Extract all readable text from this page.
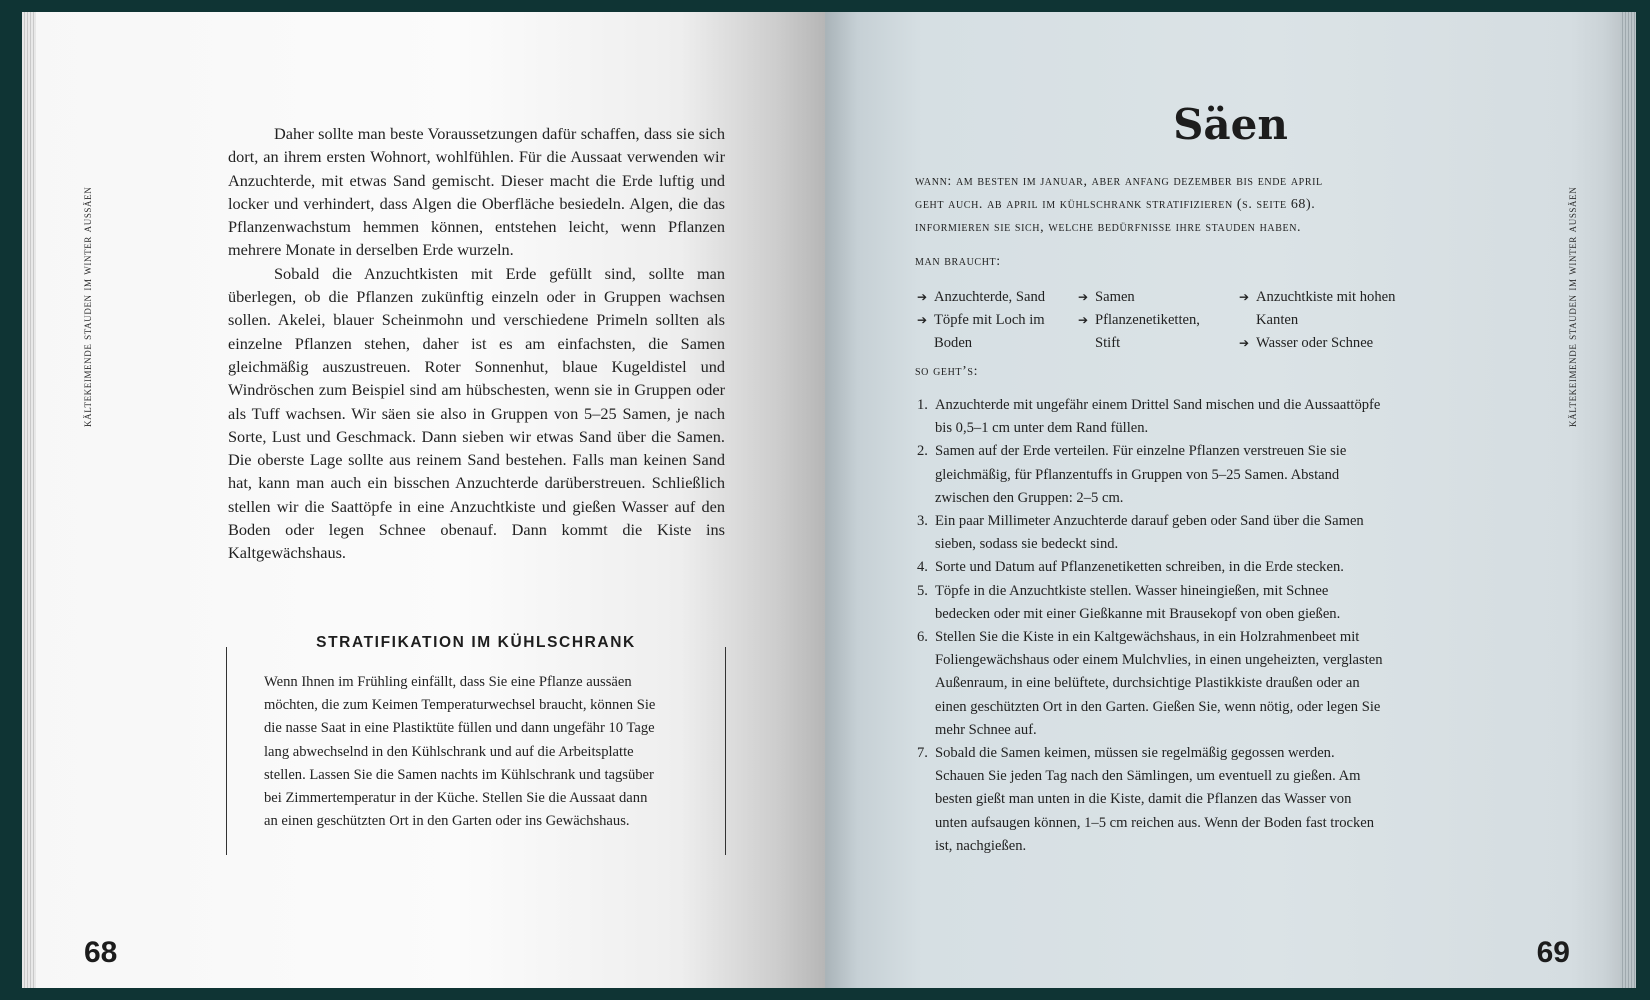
kältekeimende stauden im winter aussäen

Daher sollte man beste Voraussetzungen dafür schaffen, dass sie sich dort, an ihrem ersten Wohnort, wohlfühlen. Für die Aussaat verwenden wir Anzuchterde, mit etwas Sand gemischt. Dieser macht die Erde luftig und locker und verhindert, dass Algen die Oberfläche besiedeln. Algen, die das Pflanzenwachstum hemmen können, entstehen leicht, wenn Pflanzen mehrere Monate in derselben Erde wurzeln.

Sobald die Anzuchtkisten mit Erde gefüllt sind, sollte man überlegen, ob die Pflanzen zukünftig einzeln oder in Gruppen wachsen sollen. Akelei, blauer Scheinmohn und verschiedene Primeln sollten als einzelne Pflanzen stehen, daher ist es am einfachsten, die Samen gleichmäßig auszustreuen. Roter Sonnenhut, blaue Kugeldistel und Windröschen zum Beispiel sind am hübschesten, wenn sie in Gruppen oder als Tuff wachsen. Wir säen sie also in Gruppen von 5–25 Samen, je nach Sorte, Lust und Geschmack. Dann sieben wir etwas Sand über die Samen. Die oberste Lage sollte aus reinem Sand bestehen. Falls man keinen Sand hat, kann man auch ein bisschen Anzuchterde darüberstreuen. Schließlich stellen wir die Saattöpfe in eine Anzuchtkiste und gießen Wasser auf den Boden oder legen Schnee obenauf. Dann kommt die Kiste ins Kaltgewächshaus.

STRATIFIKATION IM KÜHLSCHRANK
Wenn Ihnen im Frühling einfällt, dass Sie eine Pflanze aussäen möchten, die zum Keimen Temperaturwechsel braucht, können Sie die nasse Saat in eine Plastiktüte füllen und dann ungefähr 10 Tage lang abwechselnd in den Kühlschrank und auf die Arbeitsplatte stellen. Lassen Sie die Samen nachts im Kühlschrank und tagsüber bei Zimmertemperatur in der Küche. Stellen Sie die Aussaat dann an einen geschützten Ort in den Garten oder ins Gewächshaus.
68
kältekeimende stauden im winter aussäen
Säen
wann: am besten im januar, aber anfang dezember bis ende april
geht auch. ab april im kühlschrank stratifizieren (s. seite 68).
informieren sie sich, welche bedürfnisse ihre stauden haben.
man braucht:
➔ Anzuchterde, Sand
➔ Töpfe mit Loch im Boden
➔ Samen
➔ Pflanzenetiketten, Stift
➔ Anzuchtkiste mit hohen Kanten
➔ Wasser oder Schnee
so geht’s:
1. Anzuchterde mit ungefähr einem Drittel Sand mischen und die Aussaattöpfe bis 0,5–1 cm unter dem Rand füllen.
2. Samen auf der Erde verteilen. Für einzelne Pflanzen verstreuen Sie sie gleichmäßig, für Pflanzentuffs in Gruppen von 5–25 Samen. Abstand zwischen den Gruppen: 2–5 cm.
3. Ein paar Millimeter Anzuchterde darauf geben oder Sand über die Samen sieben, sodass sie bedeckt sind.
4. Sorte und Datum auf Pflanzenetiketten schreiben, in die Erde stecken.
5. Töpfe in die Anzuchtkiste stellen. Wasser hineingießen, mit Schnee bedecken oder mit einer Gießkanne mit Brausekopf von oben gießen.
6. Stellen Sie die Kiste in ein Kaltgewächshaus, in ein Holzrahmenbeet mit Foliengewächshaus oder einem Mulchvlies, in einen ungeheizten, verglasten Außenraum, in eine belüftete, durchsichtige Plastikkiste draußen oder an einen geschützten Ort in den Garten. Gießen Sie, wenn nötig, oder legen Sie mehr Schnee auf.
7. Sobald die Samen keimen, müssen sie regelmäßig gegossen werden. Schauen Sie jeden Tag nach den Sämlingen, um eventuell zu gießen. Am besten gießt man unten in die Kiste, damit die Pflanzen das Wasser von unten aufsaugen können, 1–5 cm reichen aus. Wenn der Boden fast trocken ist, nachgießen.
69
